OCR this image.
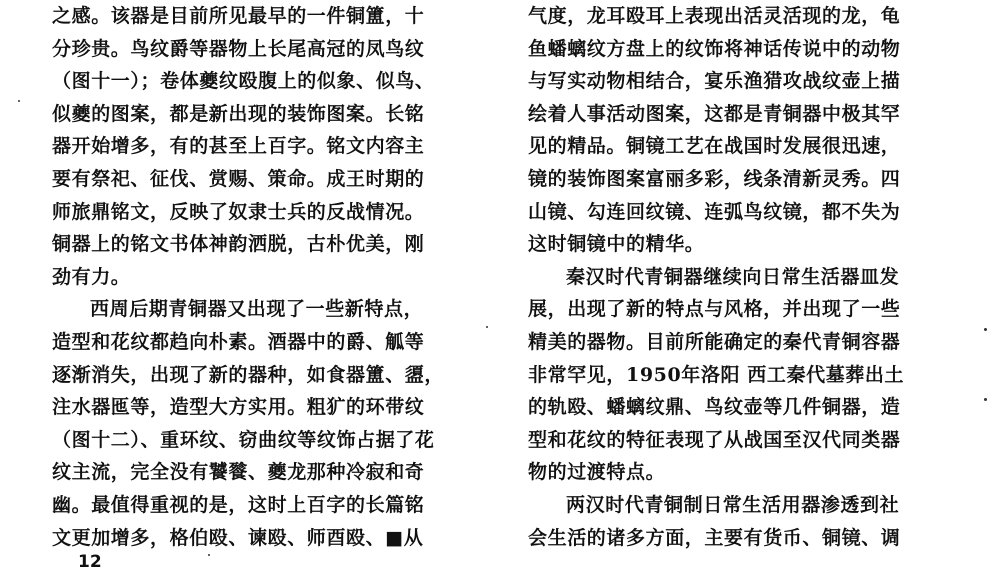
之感。该器是目前所见最早的一件铜簠，十
分珍贵。鸟纹爵等器物上长尾高冠的凤鸟纹
（图十一）；卷体夔纹殴腹上的似象、似鸟、
似夔的图案，都是新出现的装饰图案。长铭
器开始增多，有的甚至上百字。铭文内容主
要有祭祀、征伐、赏赐、策命。成王时期的
师旅鼎铭文，反映了奴隶士兵的反战情况。
铜器上的铭文书体神韵洒脱，古朴优美，刚
劲有力。
西周后期青铜器又出现了一些新特点，
造型和花纹都趋向朴素。酒器中的爵、觚等
逐渐消失，出现了新的器种，如食器簠、盨，
注水器匜等，造型大方实用。粗犷的环带纹
（图十二）、重环纹、窃曲纹等纹饰占据了花
纹主流，完全没有饕餮、夔龙那种冷寂和奇
幽。最值得重视的是，这时上百字的长篇铭
文更加增多，格伯殴、谏殴、师酉殴、■从
气度，龙耳殴耳上表现出活灵活现的龙，龟
鱼蟠螭纹方盘上的纹饰将神话传说中的动物
与写实动物相结合，宴乐渔猎攻战纹壶上描
绘着人事活动图案，这都是青铜器中极其罕
见的精品。铜镜工艺在战国时发展很迅速，
镜的装饰图案富丽多彩，线条清新灵秀。四
山镜、勾连回纹镜、连弧鸟纹镜，都不失为
这时铜镜中的精华。
秦汉时代青铜器继续向日常生活器皿发
展，出现了新的特点与风格，并出现了一些
精美的器物。目前所能确定的秦代青铜容器
非常罕见，1950年洛阳 西工秦代墓葬出土
的轨殴、蟠螭纹鼎、鸟纹壶等几件铜器，造
型和花纹的特征表现了从战国至汉代同类器
物的过渡特点。
两汉时代青铜制日常生活用器渗透到社
会生活的诸多方面，主要有货币、铜镜、调
12
